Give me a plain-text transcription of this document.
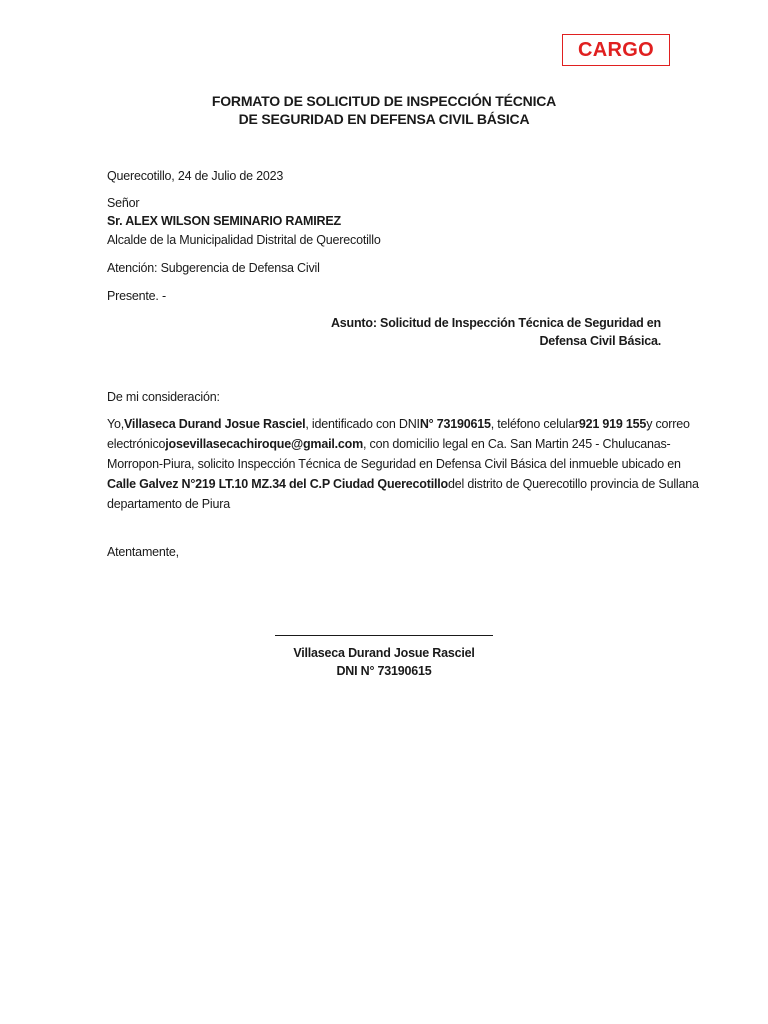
CARGO
FORMATO DE SOLICITUD DE INSPECCIÓN TÉCNICA
DE SEGURIDAD EN DEFENSA CIVIL BÁSICA
Querecotillo, 24 de Julio de 2023
Señor
Sr. ALEX WILSON SEMINARIO RAMIREZ
Alcalde de la Municipalidad Distrital de Querecotillo
Atención: Subgerencia de Defensa Civil
Presente. -
Asunto: Solicitud de Inspección Técnica de Seguridad en
Defensa Civil Básica.
De mi consideración:
Yo, Villaseca Durand Josue Rasciel, identificado con DNI N° 73190615 , teléfono celular 921 919 155 y correo
electrónico josevillasecachiroque@gmail.com , con domicilio legal en Ca. San Martin 245 - Chulucanas-
Morropon-Piura, solicito Inspección Técnica de Seguridad en Defensa Civil Básica del inmueble ubicado en
Calle Galvez N°219 LT.10 MZ.34 del C.P Ciudad Querecotillo del distrito de Querecotillo provincia de Sullana
departamento de Piura
Atentamente,
Villaseca Durand Josue Rasciel
DNI N° 73190615
